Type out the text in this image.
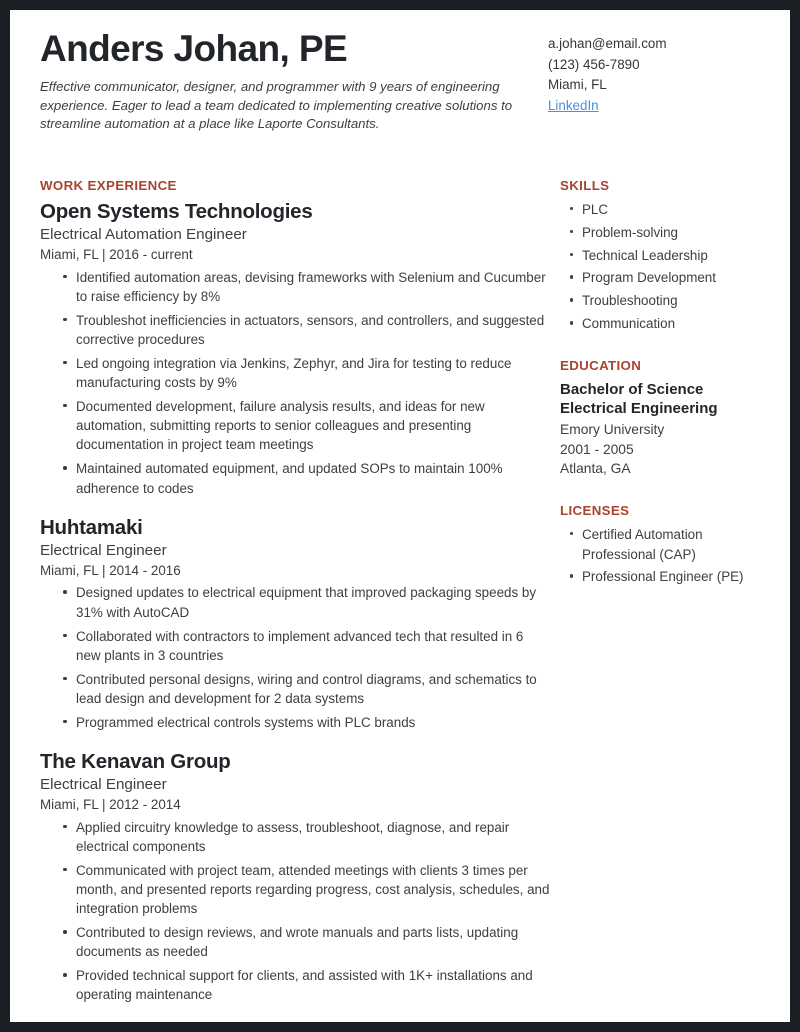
Anders Johan, PE

Effective communicator, designer, and programmer with 9 years of engineering experience. Eager to lead a team dedicated to implementing creative solutions to streamline automation at a place like Laporte Consultants.

a.johan@email.com
(123) 456-7890
Miami, FL
LinkedIn
WORK EXPERIENCE
Open Systems Technologies
Electrical Automation Engineer
Miami, FL | 2016 - current
Identified automation areas, devising frameworks with Selenium and Cucumber to raise efficiency by 8%
Troubleshot inefficiencies in actuators, sensors, and controllers, and suggested corrective procedures
Led ongoing integration via Jenkins, Zephyr, and Jira for testing to reduce manufacturing costs by 9%
Documented development, failure analysis results, and ideas for new automation, submitting reports to senior colleagues and presenting documentation in project team meetings
Maintained automated equipment, and updated SOPs to maintain 100% adherence to codes
Huhtamaki
Electrical Engineer
Miami, FL | 2014 - 2016
Designed updates to electrical equipment that improved packaging speeds by 31% with AutoCAD
Collaborated with contractors to implement advanced tech that resulted in 6 new plants in 3 countries
Contributed personal designs, wiring and control diagrams, and schematics to lead design and development for 2 data systems
Programmed electrical controls systems with PLC brands
The Kenavan Group
Electrical Engineer
Miami, FL | 2012 - 2014
Applied circuitry knowledge to assess, troubleshoot, diagnose, and repair electrical components
Communicated with project team, attended meetings with clients 3 times per month, and presented reports regarding progress, cost analysis, schedules, and integration problems
Contributed to design reviews, and wrote manuals and parts lists, updating documents as needed
Provided technical support for clients, and assisted with 1K+ installations and operating maintenance
SKILLS
PLC
Problem-solving
Technical Leadership
Program Development
Troubleshooting
Communication
EDUCATION
Bachelor of Science
Electrical Engineering
Emory University
2001 - 2005
Atlanta, GA
LICENSES
Certified Automation Professional (CAP)
Professional Engineer (PE)
